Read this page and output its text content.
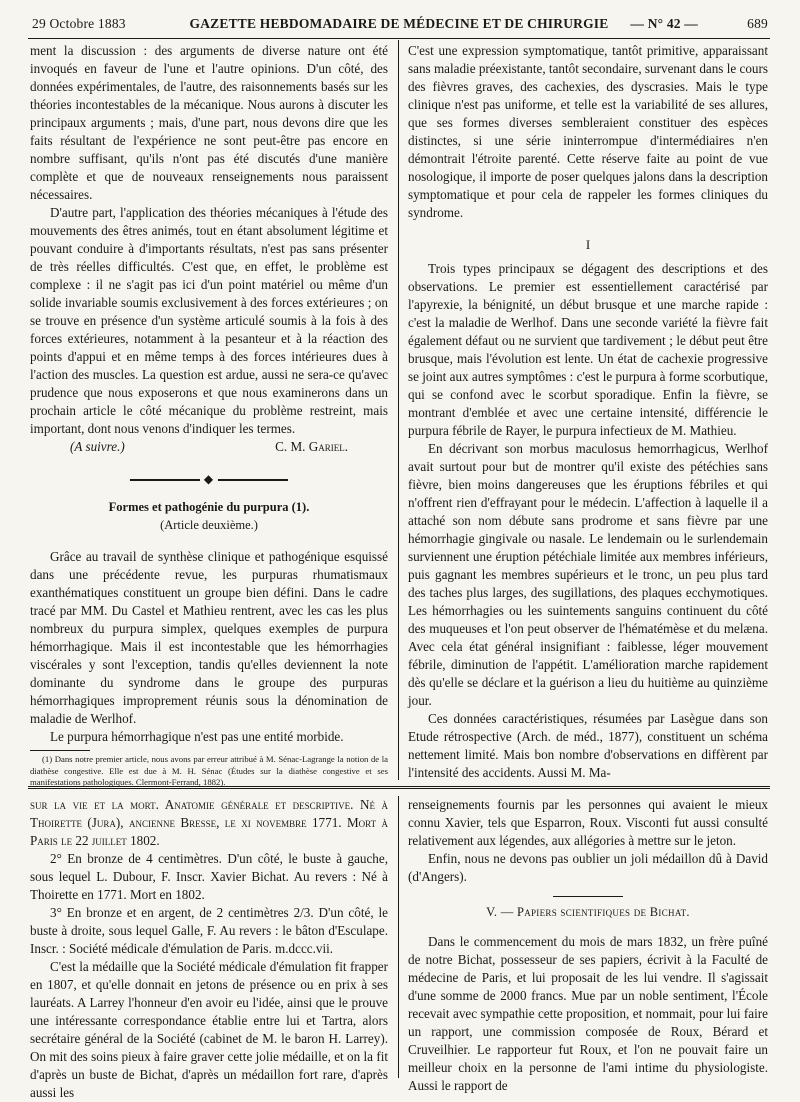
29 Octobre 1883	GAZETTE HEBDOMADAIRE DE MÉDECINE ET DE CHIRURGIE	— N° 42 —	689

ment la discussion : des arguments de diverse nature ont été invoqués en faveur de l'une et l'autre opinions. D'un côté, des données expérimentales, de l'autre, des raisonnements basés sur les théories incontestables de la mécanique. Nous aurons à discuter les principaux arguments ; mais, d'une part, nous devons dire que les faits résultant de l'expérience ne sont peut-être pas encore en nombre suffisant, qu'ils n'ont pas été discutés d'une manière complète et que de nouveaux renseignements nous paraissent nécessaires.

D'autre part, l'application des théories mécaniques à l'étude des mouvements des êtres animés, tout en étant absolument légitime et pouvant conduire à d'importants résultats, n'est pas sans présenter de très réelles difficultés. C'est que, en effet, le problème est complexe : il ne s'agit pas ici d'un point matériel ou même d'un solide invariable soumis exclusivement à des forces extérieures ; on se trouve en présence d'un système articulé soumis à la fois à des forces extérieures, notamment à la pesanteur et à la réaction des points d'appui et en même temps à des forces intérieures dues à l'action des muscles. La question est ardue, aussi ne sera-ce qu'avec prudence que nous exposerons et que nous examinerons dans un prochain article le côté mécanique du problème restreint, mais important, dont nous venons d'indiquer les termes.

(A suivre.)	C. M. Gariel.
◆
Formes et pathogénie du purpura (1).
(Article deuxième.)

Grâce au travail de synthèse clinique et pathogénique esquissé dans une précédente revue, les purpuras rhumatismaux exanthématiques constituent un groupe bien défini. Dans le cadre tracé par MM. Du Castel et Mathieu rentrent, avec les cas les plus nombreux du purpura simplex, quelques exemples de purpura hémorrhagique. Mais il est incontestable que les hémorrhagies viscérales y sont l'exception, tandis qu'elles deviennent la note dominante du syndrome dans le groupe des purpuras hémorrhagiques improprement réunis sous la dénomination de maladie de Werlhof.

Le purpura hémorrhagique n'est pas une entité morbide.

(1) Dans notre premier article, nous avons par erreur attribué à M. Sénac-Lagrange la notion de la diathèse congestive. Elle est due à M. H. Sénac (Études sur la diathèse congestive et ses manifestations pathologiques. Clermont-Ferrand, 1882).

C'est une expression symptomatique, tantôt primitive, apparaissant sans maladie préexistante, tantôt secondaire, survenant dans le cours des fièvres graves, des cachexies, des dyscrasies. Mais le type clinique n'est pas uniforme, et telle est la variabilité de ses allures, que ses formes diverses sembleraient constituer des espèces distinctes, si une série ininterrompue d'intermédiaires n'en démontrait l'étroite parenté. Cette réserve faite au point de vue nosologique, il importe de poser quelques jalons dans la description symptomatique et pour cela de rappeler les formes cliniques du syndrome.

I

Trois types principaux se dégagent des descriptions et des observations. Le premier est essentiellement caractérisé par l'apyrexie, la bénignité, un début brusque et une marche rapide : c'est la maladie de Werlhof. Dans une seconde variété la fièvre fait également défaut ou ne survient que tardivement ; le début peut être brusque, mais l'évolution est lente. Un état de cachexie progressive se joint aux autres symptômes : c'est le purpura à forme scorbutique, qui se confond avec le scorbut sporadique. Enfin la fièvre, se montrant d'emblée et avec une certaine intensité, différencie le purpura fébrile de Rayer, le purpura infectieux de M. Mathieu.

En décrivant son morbus maculosus hemorrhagicus, Werlhof avait surtout pour but de montrer qu'il existe des pétéchies sans fièvre, bien moins dangereuses que les éruptions fébriles et qui n'offrent rien d'effrayant pour le médecin. L'affection à laquelle il a attaché son nom débute sans prodrome et sans fièvre par une hémorrhagie gingivale ou nasale. Le lendemain ou le surlendemain surviennent une éruption pétéchiale limitée aux membres inférieurs, puis gagnant les membres supérieurs et le tronc, un peu plus tard des taches plus larges, des sugillations, des plaques ecchymotiques. Les hémorrhagies ou les suintements sanguins continuent du côté des muqueuses et l'on peut observer de l'hématémèse et du melæna. Avec cela état général insignifiant : faiblesse, léger mouvement fébrile, diminution de l'appétit. L'amélioration marche rapidement dès qu'elle se déclare et la guérison a lieu du huitième au quinzième jour.

Ces données caractéristiques, résumées par Lasègue dans son Etude rétrospective (Arch. de méd., 1877), constituent un schéma nettement limité. Mais bon nombre d'observations en diffèrent par l'intensité des accidents. Aussi M. Ma-

sur la vie et la mort. Anatomie générale et descriptive. Né à Thoirette (Jura), ancienne Bresse, le xi novembre 1771. Mort à Paris le 22 juillet 1802.

2° En bronze de 4 centimètres. D'un côté, le buste à gauche, sous lequel L. Dubour, F. Inscr. Xavier Bichat. Au revers : Né à Thoirette en 1771. Mort en 1802.

3° En bronze et en argent, de 2 centimètres 2/3. D'un côté, le buste à droite, sous lequel Galle, F. Au revers : le bâton d'Esculape. Inscr. : Société médicale d'émulation de Paris. m.dccc.vii.

C'est la médaille que la Société médicale d'émulation fit frapper en 1807, et qu'elle donnait en jetons de présence ou en prix à ses lauréats. A Larrey l'honneur d'en avoir eu l'idée, ainsi que le prouve une intéressante correspondance établie entre lui et Tartra, alors secrétaire général de la Société (cabinet de M. le baron H. Larrey). On mit des soins pieux à faire graver cette jolie médaille, et on la fit d'après un buste de Bichat, d'après un médaillon fort rare, d'après aussi les

renseignements fournis par les personnes qui avaient le mieux connu Xavier, tels que Esparron, Roux. Visconti fut aussi consulté relativement aux légendes, aux allégories à mettre sur le jeton.

Enfin, nous ne devons pas oublier un joli médaillon dû à David (d'Angers).

V. — Papiers scientifiques de Bichat.

Dans le commencement du mois de mars 1832, un frère puîné de notre Bichat, possesseur de ses papiers, écrivit à la Faculté de médecine de Paris, et lui proposait de les lui vendre. Il s'agissait d'une somme de 2000 francs. Mue par un noble sentiment, l'École recevait avec sympathie cette proposition, et nommait, pour lui faire un rapport, une commission composée de Roux, Bérard et Cruveilhier. Le rapporteur fut Roux, et l'on ne pouvait faire un meilleur choix en la personne de l'ami intime du physiologiste. Aussi le rapport de
